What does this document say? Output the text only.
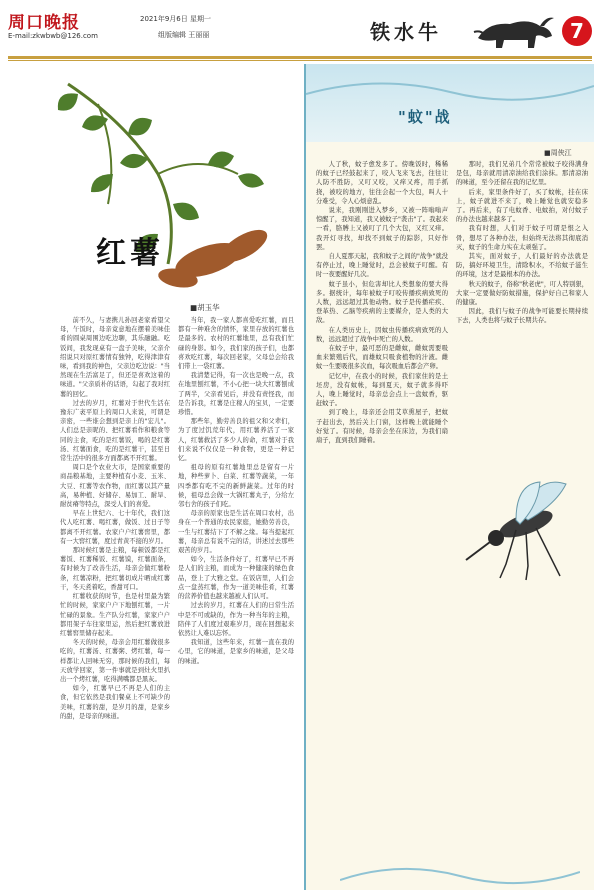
周口晚报
E-mail:zkwbwb@126.com
2021年9月6日 星期一
组版编辑 王丽丽	铁水牛	7
红薯
■胡玉华

前不久，与妻携儿孙回老家看望父母，午饭时，母亲竟意地在摆着美味佳肴的圆桌周围边吃边聊，其乐融融。吃饭间，我发现桌有一盘子美味，父亲介绍说只对原红薯情有独钟，吃得津津有味，看到我的神色，父亲边吃边说："当然现在生活富足了，但还是喜欢这着的味道。"父亲质朴的话语，勾起了我对红薯的回忆。

过去的岁月，红薯对于世代生活在豫东广袤平原上的周口人来说，可谓是亲密，一些谁会想到是亲上的"宏儿"。人们总是亲昵的、把红薯看作和粮食等同的主食，吃的是红薯饭，喝的是红薯汤、红薯面食，吃的是红薯干，甚至日常生活中的很多方面都离不开红薯。

周口是个农业大市，是国家重要的商品粮基地，主要种植有小麦、玉米、大豆、红薯等农作物，而红薯以其产量高，易种植、好储存、易加工、耐旱、耐贫瘠等特点，深受人们的喜爱。

早在上世纪六、七十年代，我们这代人吃红薯、喝红薯，做饭、过日子等都离不开红薯。农家户户红薯窖里，都有一大窖红薯，度过青黄不接的岁月。

那时候红薯是主粮，每顿饭都是红薯饭、红薯稀饭、红薯馍，红薯面条，有时候为了改善生活，母亲会做红薯粉条，红薯凉粉，把红薯切成片晒成红薯干，冬天煮着吃，香甜可口。

红薯收获的时节，也是村里最为繁忙的时候，家家户户下地刨红薯，一片忙碌的景象。生产队分红薯，家家户户都用架子车往家里运，然后把红薯放进红薯窖里储存起来。

冬天的时候，母亲会用红薯做很多吃的，红薯汤、红薯粥、烤红薯，每一样都让人回味无穷，那时候的我们，每天放学回家，第一件事就是到灶火里扒出一个烤红薯，吃得满嘴都是黑灰。

如今，红薯早已不再是人们的主食，但它依然是我们餐桌上不可缺少的美味，红薯的甜，是岁月的甜，是家乡的甜，是母亲的味道。

当年，我一家人都喜爱吃红薯，而且都有一种难舍的情怀，家里存放的红薯也是最多的。农村的红薯地里，总有我们忙碌的身影。如今，我们家的孩子们，也都喜欢吃红薯，每次回老家，父母总会给我们带上一袋红薯。

我清楚记得，有一次也是晚一点，我在地里刨红薯，不小心把一块大红薯刨成了两半，父亲看见后，并没有责怪我，而是告诉我，红薯是庄稼人的宝贝，一定要珍惜。

那些年，勤劳善良的祖父和父辈们，为了度过饥荒年代，用红薯养活了一家人，红薯救活了多少人的命，红薯对于我们来说不仅仅是一种食物，更是一种记忆。

祖母的原有红薯地里总是留有一片地，种些萝卜、白菜、红薯等蔬菜，一年四季都有吃不完的新鲜蔬菜。过年的时候，祖母总会做一大锅红薯丸子，分给左邻右舍的孩子们吃。

母亲的原家也是生活在周口农村，出身在一个普通的农民家庭，她勤劳善良，一生与红薯结下了不解之缘。每当提起红薯，母亲总有说不完的话，讲述过去那些艰苦的岁月。

如今，生活条件好了，红薯早已不再是人们的主粮，而成为一种健康的绿色食品，登上了大雅之堂。在饭店里，人们会点一盘蒸红薯，作为一道美味佳肴，红薯的营养价值也越来越被人们认可。

过去的岁月，红薯在人们的日常生活中是不可或缺的，作为一种当年的主粮，陪伴了人们度过艰难岁月，现在回想起来依然让人难以忘怀。

我知道，这些年来，红薯一直在我的心里，它的味道，是家乡的味道，是父母的味道。

"蚊"战
■周侠江

人了秋，蚊子愈发多了。傍晚饭时，稀稀的蚊子已经鼓起来了，咬人飞来飞去，往往让人防不胜防，又叮又咬，又痒又疼，用手抓挠，被咬的地方，往往会起一个大包，叫人十分难受，令人心烦意乱。

说来，我刚刚进入梦乡，又被一阵嗡嗡声惊醒了，我知道，我又被蚊子"袭击"了。我起来一看，胳膊上又被叮了几个大包，又红又痒。我开灯寻找，却找不到蚊子的踪影，只好作罢。

自人夏那天起，我和蚊子之间的"战争"就没有停止过，晚上睡觉时，总会被蚊子叮醒。有时一夜要醒好几次。

蚊子虽小，但危害却比人类想象的要大得多。据统计，每年被蚊子叮咬传播疾病致死的人数，远远超过其他动物。蚊子是传播疟疾、登革热、乙脑等疾病的主要媒介，是人类的大敌。

在人类历史上，因蚊虫传播疾病致死的人数，远远超过了战争中死亡的人数。

在蚊子中，最可恶的是雌蚊，雌蚊需要吸血来繁殖后代，而雄蚊只吸食植物的汁液。雌蚊一生要吸很多次血，每次吸血后都会产卵。

记忆中，在我小的时候，我们家住的是土坯房，没有蚊帐，每到夏天，蚊子就多得吓人，晚上睡觉时，母亲总会点上一盘蚊香，驱赶蚊子。

到了晚上，母亲还会用艾草熏屋子，把蚊子赶出去，然后关上门窗，这样晚上就能睡个好觉了。有时候，母亲会坐在床边，为我们扇扇子，直到我们睡着。

那时，我们兄弟几个常常被蚊子咬得满身是包，母亲就用清凉油给我们涂抹。那清凉油的味道，至今还留在我的记忆里。

后来，家里条件好了，买了蚊帐，挂在床上，蚊子就进不来了，晚上睡觉也就安稳多了。再后来，有了电蚊香、电蚊拍，对付蚊子的办法也越来越多了。

我有时想，人们对于蚊子可谓是恨之入骨，想尽了各种办法，但始终无法将其彻底消灭，蚊子的生命力实在太顽强了。

其实，面对蚊子，人们最好的办法就是防，搞好环境卫生，清除积水，不给蚊子滋生的环境，这才是最根本的办法。

秋天的蚊子，俗称"秋老虎"，叮人特别狠，大家一定要做好防蚊措施，保护好自己和家人的健康。

因此，我们与蚊子的战争可能要长期持续下去，人类也将与蚊子长期共存。
